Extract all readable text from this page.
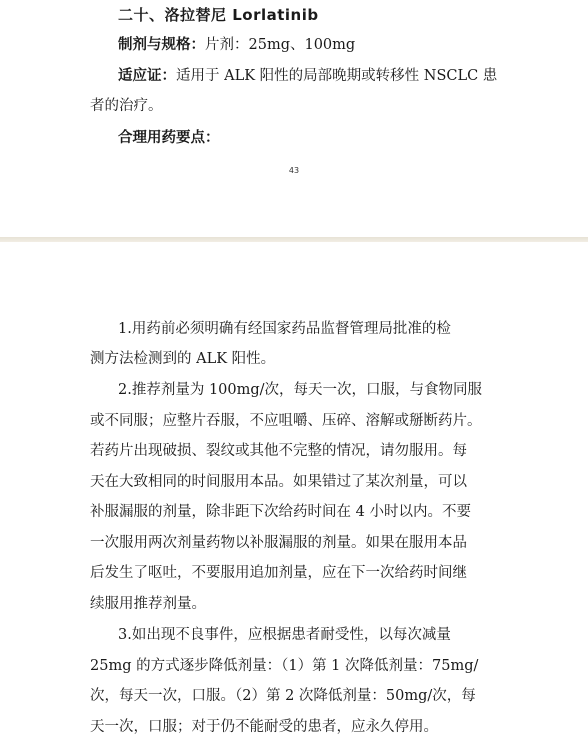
二十、洛拉替尼 Lorlatinib
制剂与规格：片剂：25mg、100mg
适应证：适用于 ALK 阳性的局部晚期或转移性 NSCLC 患
者的治疗。
合理用药要点：
43
1.用药前必须明确有经国家药品监督管理局批准的检
测方法检测到的 ALK 阳性。
2.推荐剂量为 100mg/次，每天一次，口服，与食物同服
或不同服；应整片吞服，不应咀嚼、压碎、溶解或掰断药片。
若药片出现破损、裂纹或其他不完整的情况，请勿服用。每
天在大致相同的时间服用本品。如果错过了某次剂量，可以
补服漏服的剂量，除非距下次给药时间在 4 小时以内。不要
一次服用两次剂量药物以补服漏服的剂量。如果在服用本品
后发生了呕吐，不要服用追加剂量，应在下一次给药时间继
续服用推荐剂量。
3.如出现不良事件，应根据患者耐受性，以每次减量
25mg 的方式逐步降低剂量：（1）第 1 次降低剂量：75mg/
次，每天一次，口服。（2）第 2 次降低剂量：50mg/次，每
天一次，口服；对于仍不能耐受的患者，应永久停用。
